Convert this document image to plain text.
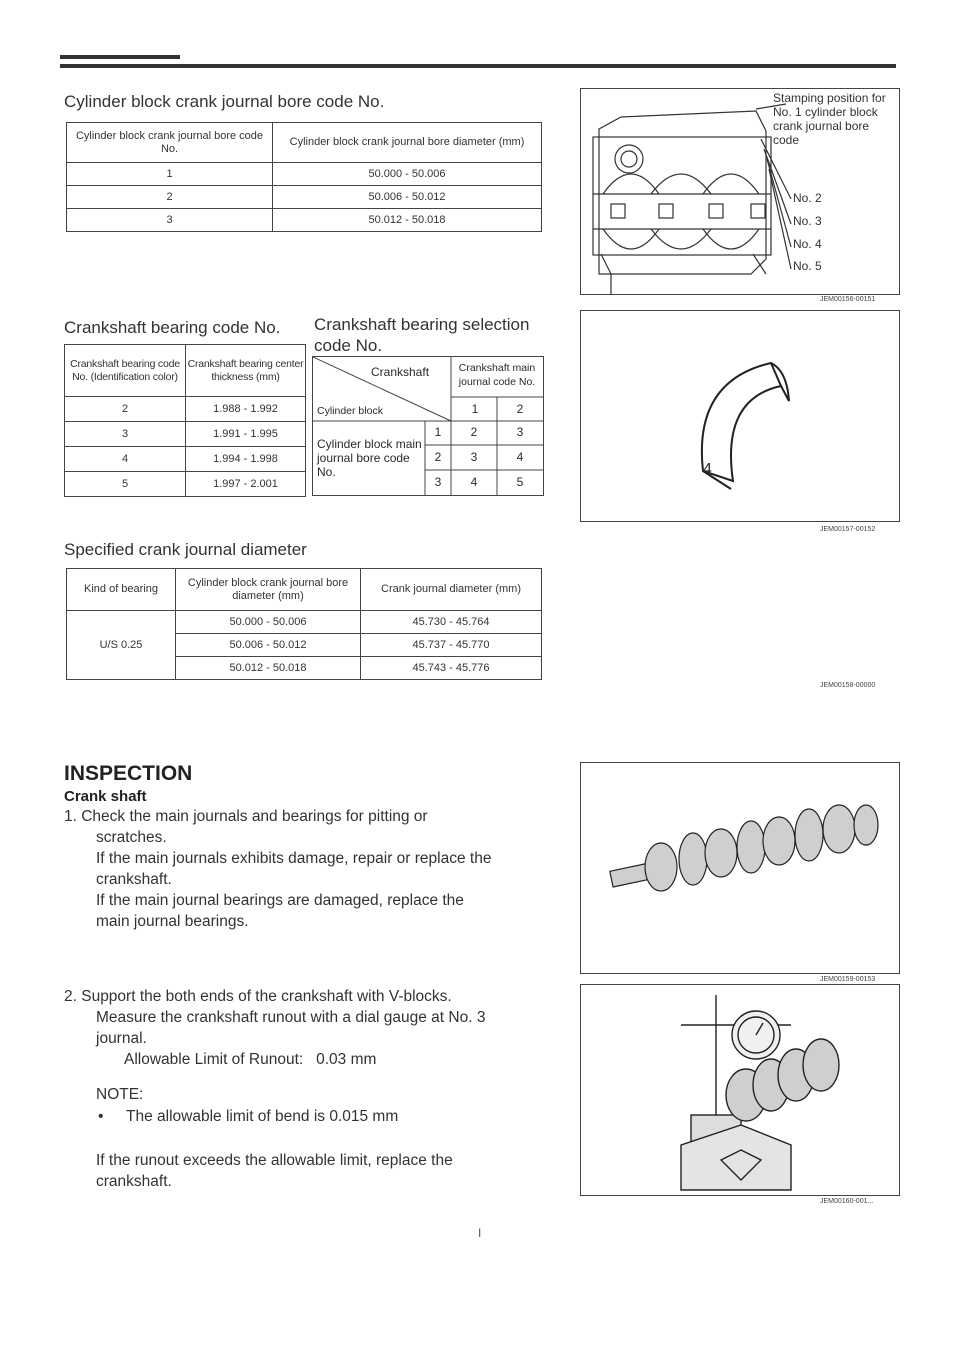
Cylinder block crank journal bore code No.
Cylinder block crank journal bore code No.	Cylinder block crank journal bore diameter (mm)
1	50.000 - 50.006
2	50.006 - 50.012
3	50.012 - 50.018
Stamping position for No. 1 cylinder block crank journal bore code
No. 2
No. 3
No. 4
No. 5
JEM00156-00151
Crankshaft bearing code No.
Crankshaft bearing code No. (Identification color)	Crankshaft bearing center thickness (mm)
2	1.988 - 1.992
3	1.991 - 1.995
4	1.994 - 1.998
5	1.997 - 2.001
Crankshaft bearing selection code No.
Crankshaft
Cylinder block
Crankshaft main journal code No.
1	2
Cylinder block main journal bore code No.
1	2	3
2	3	4
3	4	5
4
JEM00157-00152
Specified crank journal diameter
Kind of bearing	Cylinder block crank journal bore diameter (mm)	Crank journal diameter (mm)
U/S 0.25	50.000 - 50.006	45.730 - 45.764
	50.006 - 50.012	45.737 - 45.770
	50.012 - 50.018	45.743 - 45.776
JEM00158-00000
INSPECTION
Crank shaft
1. Check the main journals and bearings for pitting or
scratches.
If the main journals exhibits damage, repair or replace the
crankshaft.
If the main journal bearings are damaged, replace the
main journal bearings.
2. Support the both ends of the crankshaft with V-blocks.
Measure the crankshaft runout with a dial gauge at No. 3
journal.
Allowable Limit of Runout:   0.03 mm
NOTE:
• The allowable limit of bend is 0.015 mm
If the runout exceeds the allowable limit, replace the
crankshaft.
JEM00159-00153
JEM00160-001...
I
